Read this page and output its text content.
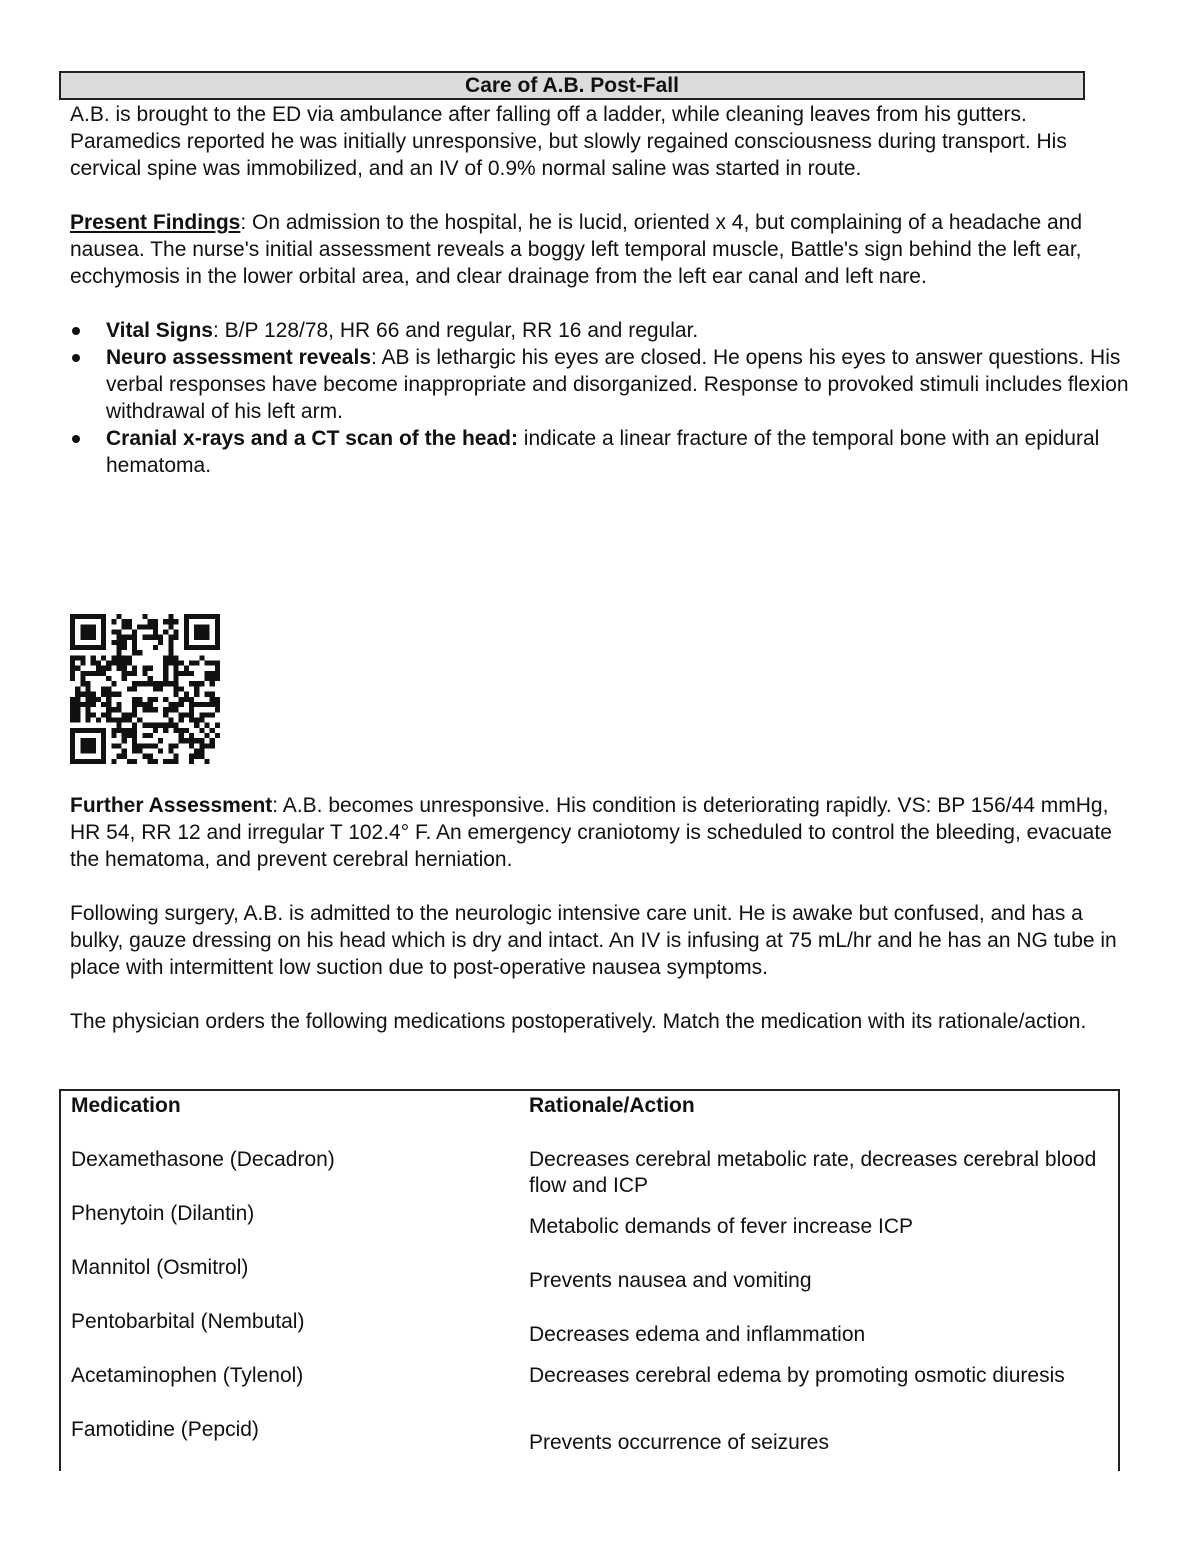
Care of A.B. Post-Fall
A.B. is brought to the ED via ambulance after falling off a ladder, while cleaning leaves from his gutters. Paramedics reported he was initially unresponsive, but slowly regained consciousness during transport. His cervical spine was immobilized, and an IV of 0.9% normal saline was started in route.
Present Findings: On admission to the hospital, he is lucid, oriented x 4, but complaining of a headache and nausea. The nurse's initial assessment reveals a boggy left temporal muscle, Battle's sign behind the left ear, ecchymosis in the lower orbital area, and clear drainage from the left ear canal and left nare.
Vital Signs: B/P 128/78, HR 66 and regular, RR 16 and regular.
Neuro assessment reveals: AB is lethargic his eyes are closed. He opens his eyes to answer questions. His verbal responses have become inappropriate and disorganized. Response to provoked stimuli includes flexion withdrawal of his left arm.
Cranial x-rays and a CT scan of the head: indicate a linear fracture of the temporal bone with an epidural hematoma.
Further Assessment: A.B. becomes unresponsive. His condition is deteriorating rapidly. VS: BP 156/44 mmHg, HR 54, RR 12 and irregular T 102.4° F. An emergency craniotomy is scheduled to control the bleeding, evacuate the hematoma, and prevent cerebral herniation.
Following surgery, A.B. is admitted to the neurologic intensive care unit. He is awake but confused, and has a bulky, gauze dressing on his head which is dry and intact. An IV is infusing at 75 mL/hr and he has an NG tube in place with intermittent low suction due to post-operative nausea symptoms.
The physician orders the following medications postoperatively. Match the medication with its rationale/action.
Medication
Dexamethasone (Decadron)
Phenytoin (Dilantin)
Mannitol (Osmitrol)
Pentobarbital (Nembutal)
Acetaminophen (Tylenol)
Famotidine (Pepcid)
Rationale/Action
Decreases cerebral metabolic rate, decreases cerebral blood flow and ICP
Metabolic demands of fever increase ICP
Prevents nausea and vomiting
Decreases edema and inflammation
Decreases cerebral edema by promoting osmotic diuresis
Prevents occurrence of seizures
